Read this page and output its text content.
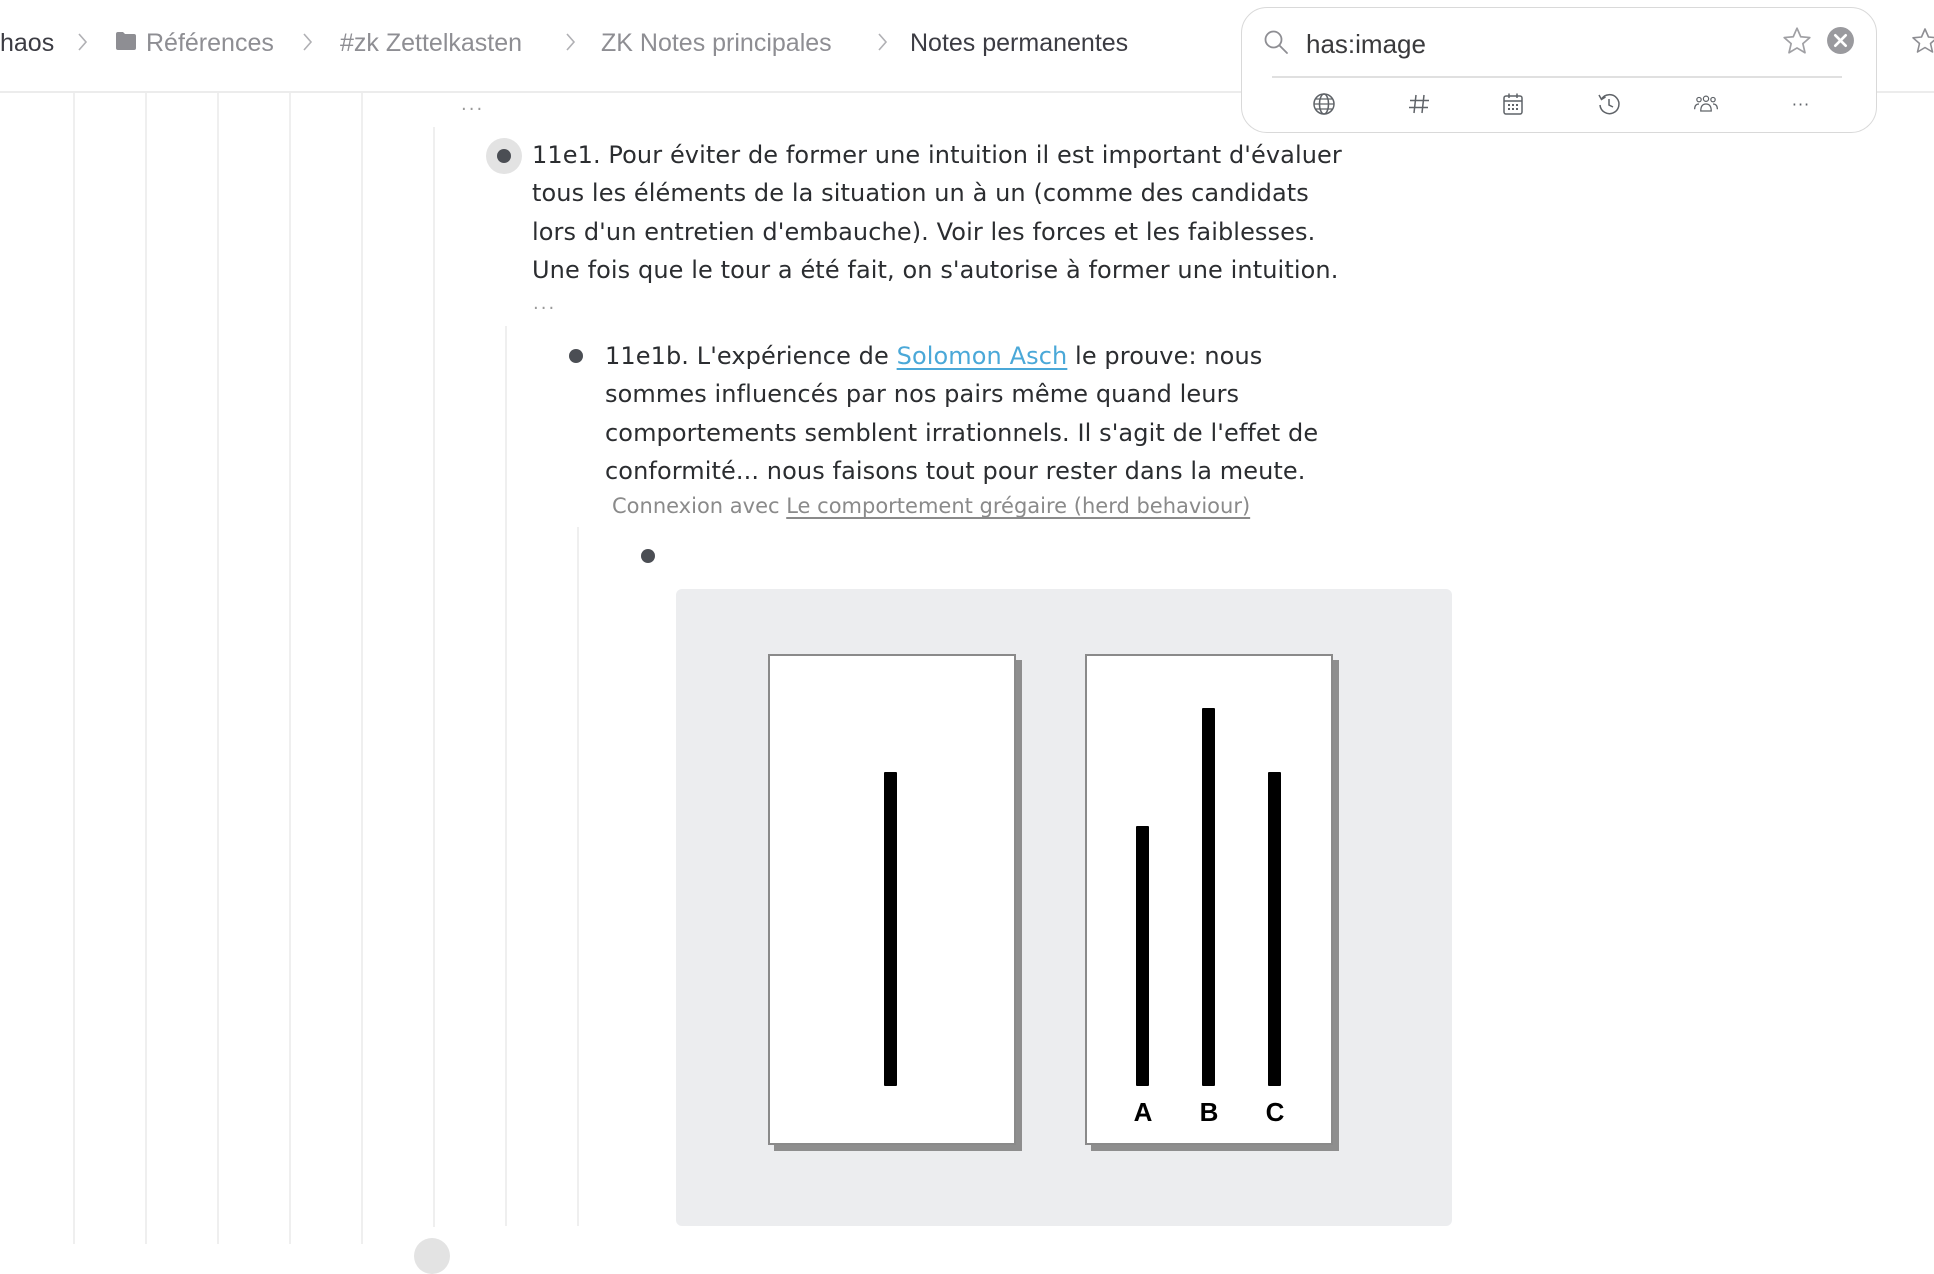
haos	Références	#zk Zettelkasten	ZK Notes principales	Notes permanentes
···
11e1. Pour éviter de former une intuition il est important d'évaluer
tous les éléments de la situation un à un (comme des candidats
lors d'un entretien d'embauche). Voir les forces et les faiblesses.
Une fois que le tour a été fait, on s'autorise à former une intuition.
···
11e1b. L'expérience de Solomon Asch le prouve: nous
sommes influencés par nos pairs même quand leurs
comportements semblent irrationnels. Il s'agit de l'effet de
conformité... nous faisons tout pour rester dans la meute.
Connexion avec Le comportement grégaire (herd behaviour)
A B C
has:image
···
